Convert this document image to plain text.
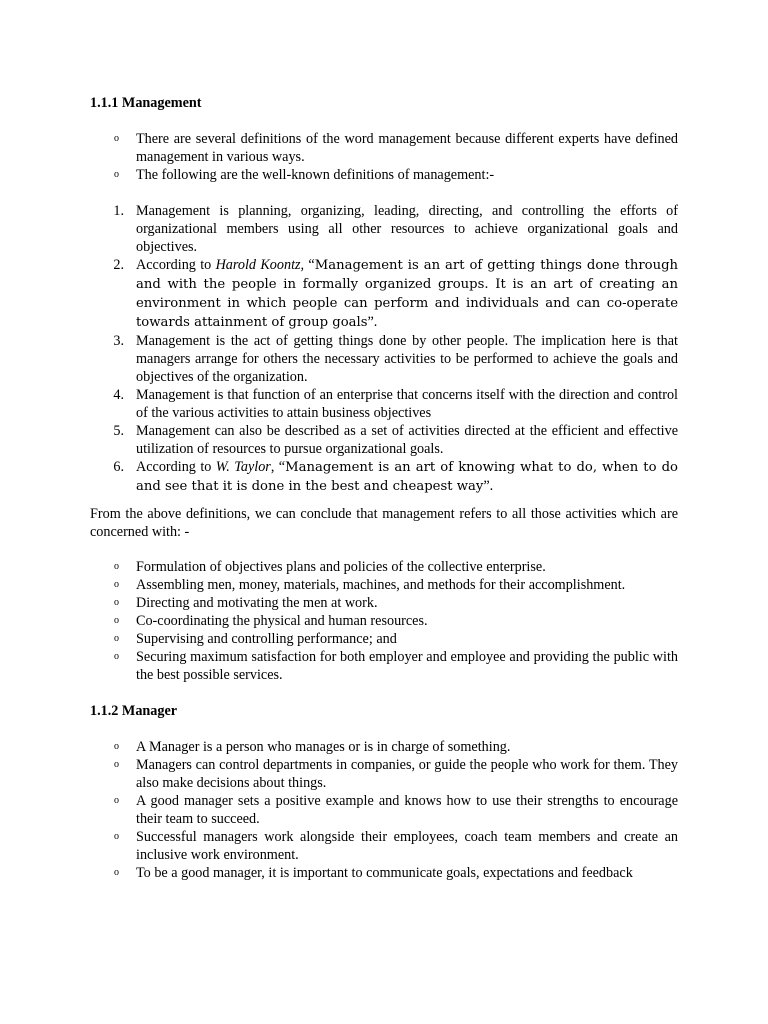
1.1.1 Management
o There are several definitions of the word management because different experts have defined management in various ways.
o The following are the well-known definitions of management:-
1. Management is planning, organizing, leading, directing, and controlling the efforts of organizational members using all other resources to achieve organizational goals and objectives.
2. According to Harold Koontz, “Management is an art of getting things done through and with the people in formally organized groups. It is an art of creating an environment in which people can perform and individuals and can co-operate towards attainment of group goals”.
3. Management is the act of getting things done by other people. The implication here is that managers arrange for others the necessary activities to be performed to achieve the goals and objectives of the organization.
4. Management is that function of an enterprise that concerns itself with the direction and control of the various activities to attain business objectives
5. Management can also be described as a set of activities directed at the efficient and effective utilization of resources to pursue organizational goals.
6. According to W. Taylor, “Management is an art of knowing what to do, when to do and see that it is done in the best and cheapest way”.

From the above definitions, we can conclude that management refers to all those activities which are concerned with: -

o Formulation of objectives plans and policies of the collective enterprise.
o Assembling men, money, materials, machines, and methods for their accomplishment.
o Directing and motivating the men at work.
o Co-coordinating the physical and human resources.
o Supervising and controlling performance; and
o Securing maximum satisfaction for both employer and employee and providing the public with the best possible services.
1.1.2 Manager
o A Manager is a person who manages or is in charge of something.
o Managers can control departments in companies, or guide the people who work for them. They also make decisions about things.
o A good manager sets a positive example and knows how to use their strengths to encourage their team to succeed.
o Successful managers work alongside their employees, coach team members and create an inclusive work environment.
o To be a good manager, it is important to communicate goals, expectations and feedback
